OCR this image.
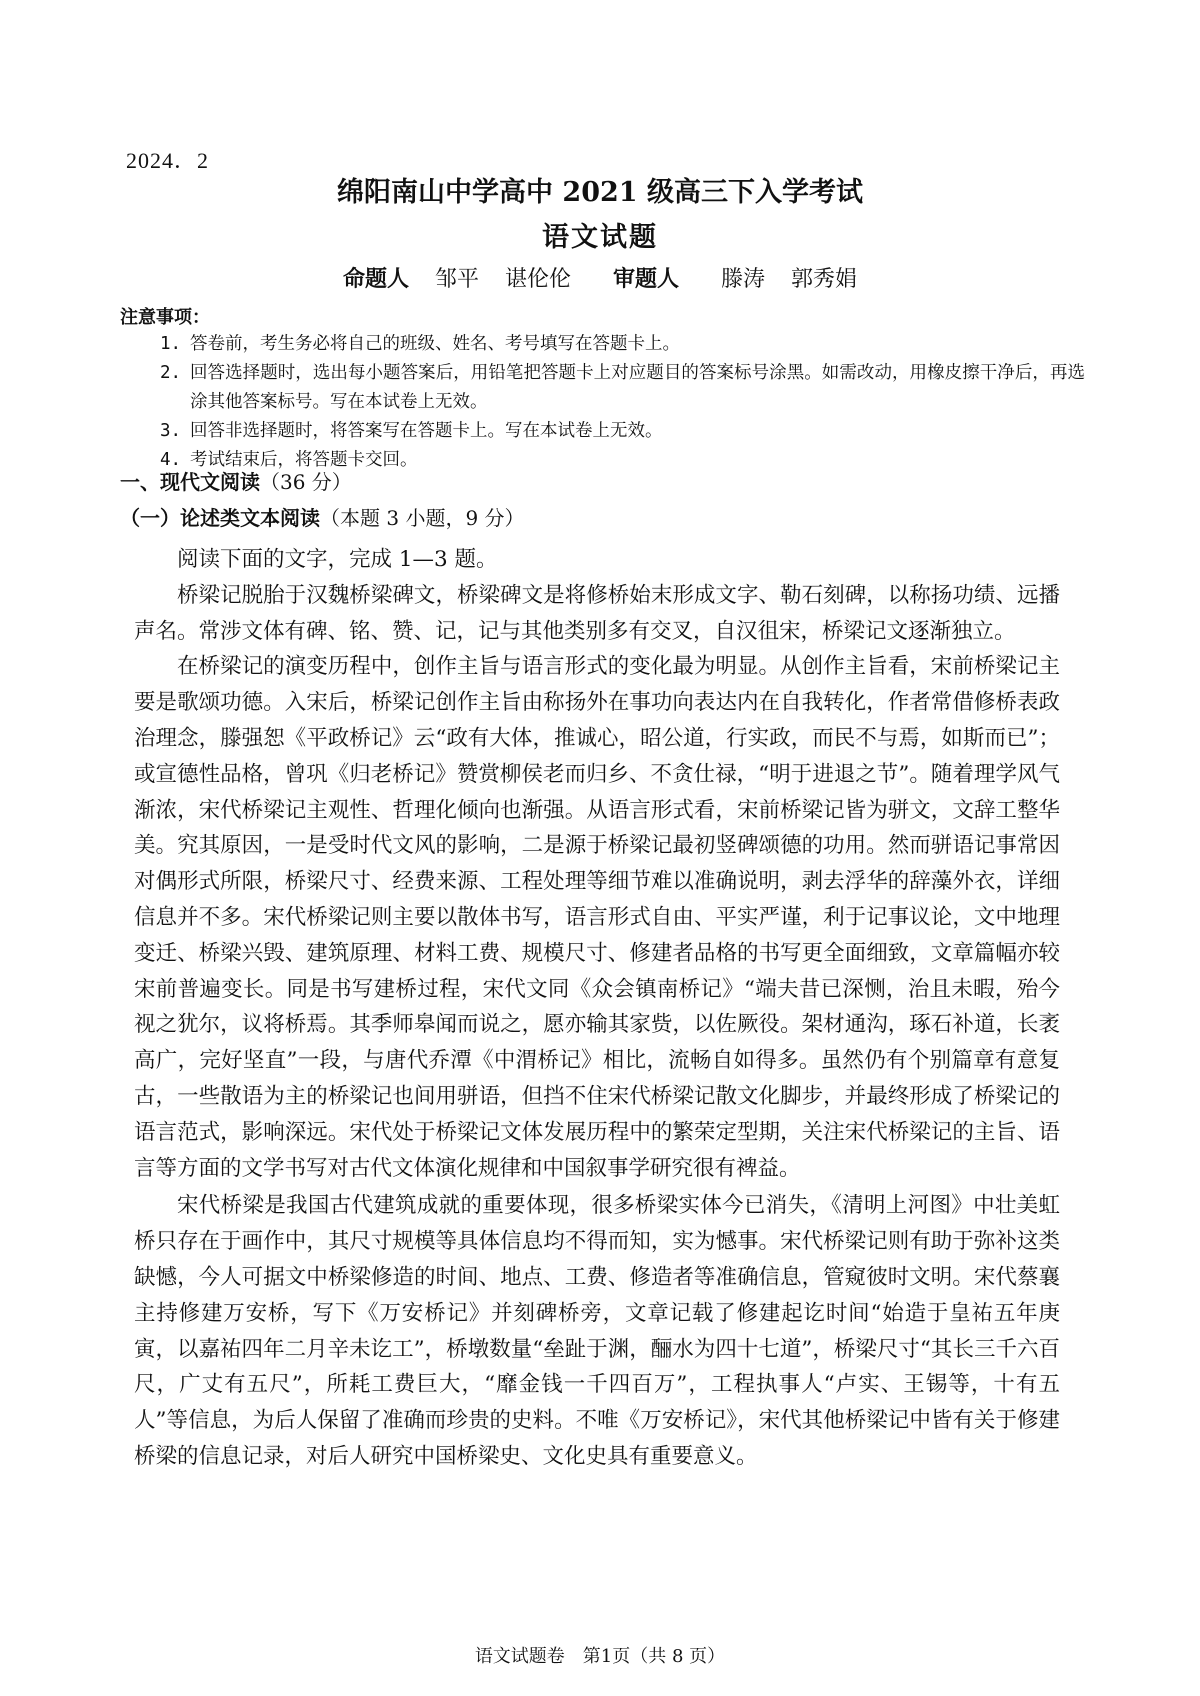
2024．2
绵阳南山中学高中 2021 级高三下入学考试
语文试题
命题人 邹平 谌伦伦 审题人 滕涛 郭秀娟
注意事项：
1. 答卷前，考生务必将自己的班级、姓名、考号填写在答题卡上。
2. 回答选择题时，选出每小题答案后，用铅笔把答题卡上对应题目的答案标号涂黑。如需改动，用橡皮擦干净后，再选涂其他答案标号。写在本试卷上无效。
3. 回答非选择题时，将答案写在答题卡上。写在本试卷上无效。
4. 考试结束后，将答题卡交回。
一、现代文阅读（36 分）
（一）论述类文本阅读（本题 3 小题，9 分）

阅读下面的文字，完成 1—3 题。

桥梁记脱胎于汉魏桥梁碑文，桥梁碑文是将修桥始末形成文字、勒石刻碑，以称扬功绩、远播声名。常涉文体有碑、铭、赞、记，记与其他类别多有交叉，自汉徂宋，桥梁记文逐渐独立。

在桥梁记的演变历程中，创作主旨与语言形式的变化最为明显。从创作主旨看，宋前桥梁记主要是歌颂功德。入宋后，桥梁记创作主旨由称扬外在事功向表达内在自我转化，作者常借修桥表政治理念，滕强恕《平政桥记》云“政有大体，推诚心，昭公道，行实政，而民不与焉，如斯而已”；或宣德性品格，曾巩《归老桥记》赞赏柳侯老而归乡、不贪仕禄，“明于进退之节”。随着理学风气渐浓，宋代桥梁记主观性、哲理化倾向也渐强。从语言形式看，宋前桥梁记皆为骈文，文辞工整华美。究其原因，一是受时代文风的影响，二是源于桥梁记最初竖碑颂德的功用。然而骈语记事常因对偶形式所限，桥梁尺寸、经费来源、工程处理等细节难以准确说明，剥去浮华的辞藻外衣，详细信息并不多。宋代桥梁记则主要以散体书写，语言形式自由、平实严谨，利于记事议论，文中地理变迁、桥梁兴毁、建筑原理、材料工费、规模尺寸、修建者品格的书写更全面细致，文章篇幅亦较宋前普遍变长。同是书写建桥过程，宋代文同《众会镇南桥记》“端夫昔已深恻，治且未暇，殆今视之犹尔，议将桥焉。其季师皋闻而说之，愿亦输其家赀，以佐厥役。架材通沟，琢石补道，长袤高广，完好坚直”一段，与唐代乔潭《中渭桥记》相比，流畅自如得多。虽然仍有个别篇章有意复古，一些散语为主的桥梁记也间用骈语，但挡不住宋代桥梁记散文化脚步，并最终形成了桥梁记的语言范式，影响深远。宋代处于桥梁记文体发展历程中的繁荣定型期，关注宋代桥梁记的主旨、语言等方面的文学书写对古代文体演化规律和中国叙事学研究很有裨益。

宋代桥梁是我国古代建筑成就的重要体现，很多桥梁实体今已消失，《清明上河图》中壮美虹桥只存在于画作中，其尺寸规模等具体信息均不得而知，实为憾事。宋代桥梁记则有助于弥补这类缺憾，今人可据文中桥梁修造的时间、地点、工费、修造者等准确信息，管窥彼时文明。宋代蔡襄主持修建万安桥，写下《万安桥记》并刻碑桥旁，文章记载了修建起讫时间“始造于皇祐五年庚寅，以嘉祐四年二月辛未讫工”，桥墩数量“垒趾于渊，酾水为四十七道”，桥梁尺寸“其长三千六百尺，广丈有五尺”，所耗工费巨大，“靡金钱一千四百万”，工程执事人“卢实、王锡等，十有五人”等信息，为后人保留了准确而珍贵的史料。不唯《万安桥记》，宋代其他桥梁记中皆有关于修建桥梁的信息记录，对后人研究中国桥梁史、文化史具有重要意义。

语文试题卷　第1页（共 8 页）
